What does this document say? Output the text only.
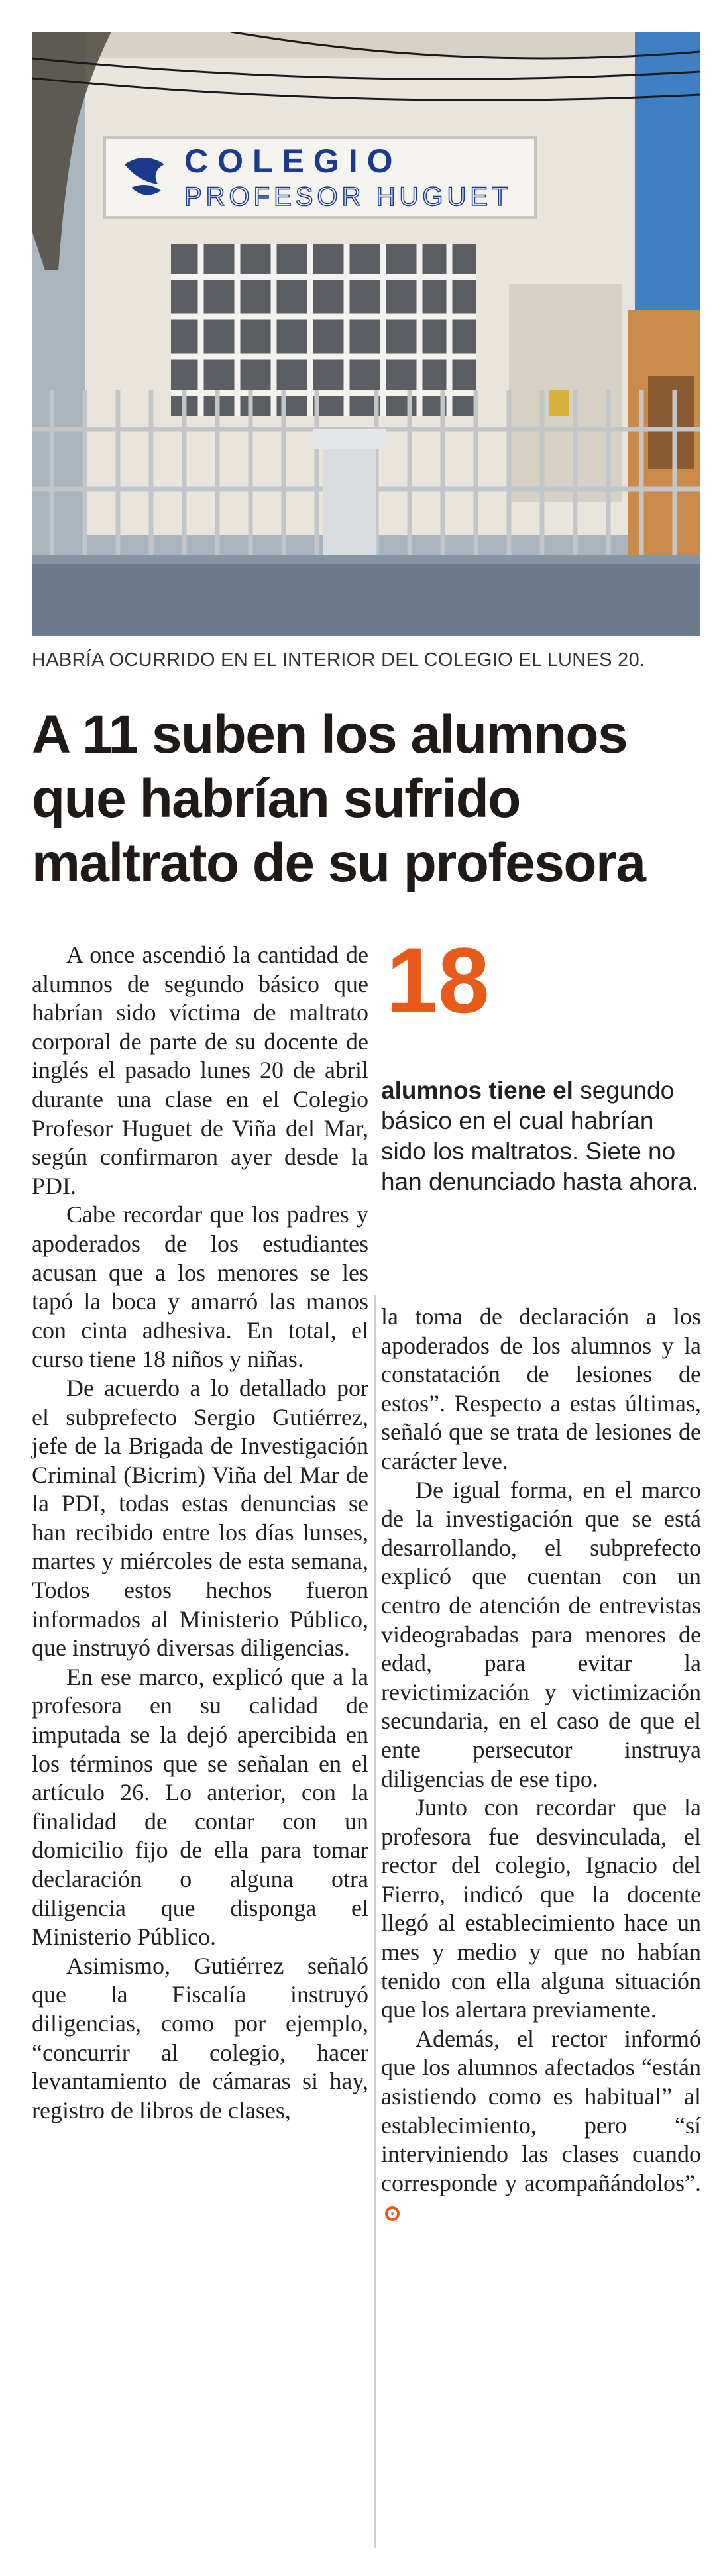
COLEGIO
PROFESOR HUGUET
HABRÍA OCURRIDO EN EL INTERIOR DEL COLEGIO EL LUNES 20.
A 11 suben los alumnos que habrían sufrido maltrato de su profesora
18
alumnos tiene el segundo básico en el cual habrían sido los maltratos. Siete no han denunciado hasta ahora.

A once ascendió la cantidad de alumnos de segundo básico que habrían sido víctima de maltrato corporal de parte de su docente de inglés el pasado lunes 20 de abril durante una clase en el Colegio Profesor Huguet de Viña del Mar, según confirmaron ayer desde la PDI.

Cabe recordar que los padres y apoderados de los estudiantes acusan que a los menores se les tapó la boca y amarró las manos con cinta adhesiva. En total, el curso tiene 18 niños y niñas.

De acuerdo a lo detallado por el subprefecto Sergio Gutiérrez, jefe de la Brigada de Investigación Criminal (Bicrim) Viña del Mar de la PDI, todas estas denuncias se han recibido entre los días lunses, martes y miércoles de esta semana, Todos estos hechos fueron informados al Ministerio Público, que instruyó diversas diligencias.

En ese marco, explicó que a la profesora en su calidad de imputada se la dejó apercibida en los términos que se señalan en el artículo 26. Lo anterior, con la finalidad de contar con un domicilio fijo de ella para tomar declaración o alguna otra diligencia que disponga el Ministerio Público.

Asimismo, Gutiérrez señaló que la Fiscalía instruyó diligencias, como por ejemplo, “concurrir al colegio, hacer levantamiento de cámaras si hay, registro de libros de clases,

la toma de declaración a los apoderados de los alumnos y la constatación de lesiones de estos”. Respecto a estas últimas, señaló que se trata de lesiones de carácter leve.

De igual forma, en el marco de la investigación que se está desarrollando, el subprefecto explicó que cuentan con un centro de atención de entrevistas videograbadas para menores de edad, para evitar la revictimización y victimización secundaria, en el caso de que el ente persecutor instruya diligencias de ese tipo.

Junto con recordar que la profesora fue desvinculada, el rector del colegio, Ignacio del Fierro, indicó que la docente llegó al establecimiento hace un mes y medio y que no habían tenido con ella alguna situación que los alertara previamente.

Además, el rector informó que los alumnos afectados “están asistiendo como es habitual” al establecimiento, pero “sí interviniendo las clases cuando corresponde y acompañándolos”.
